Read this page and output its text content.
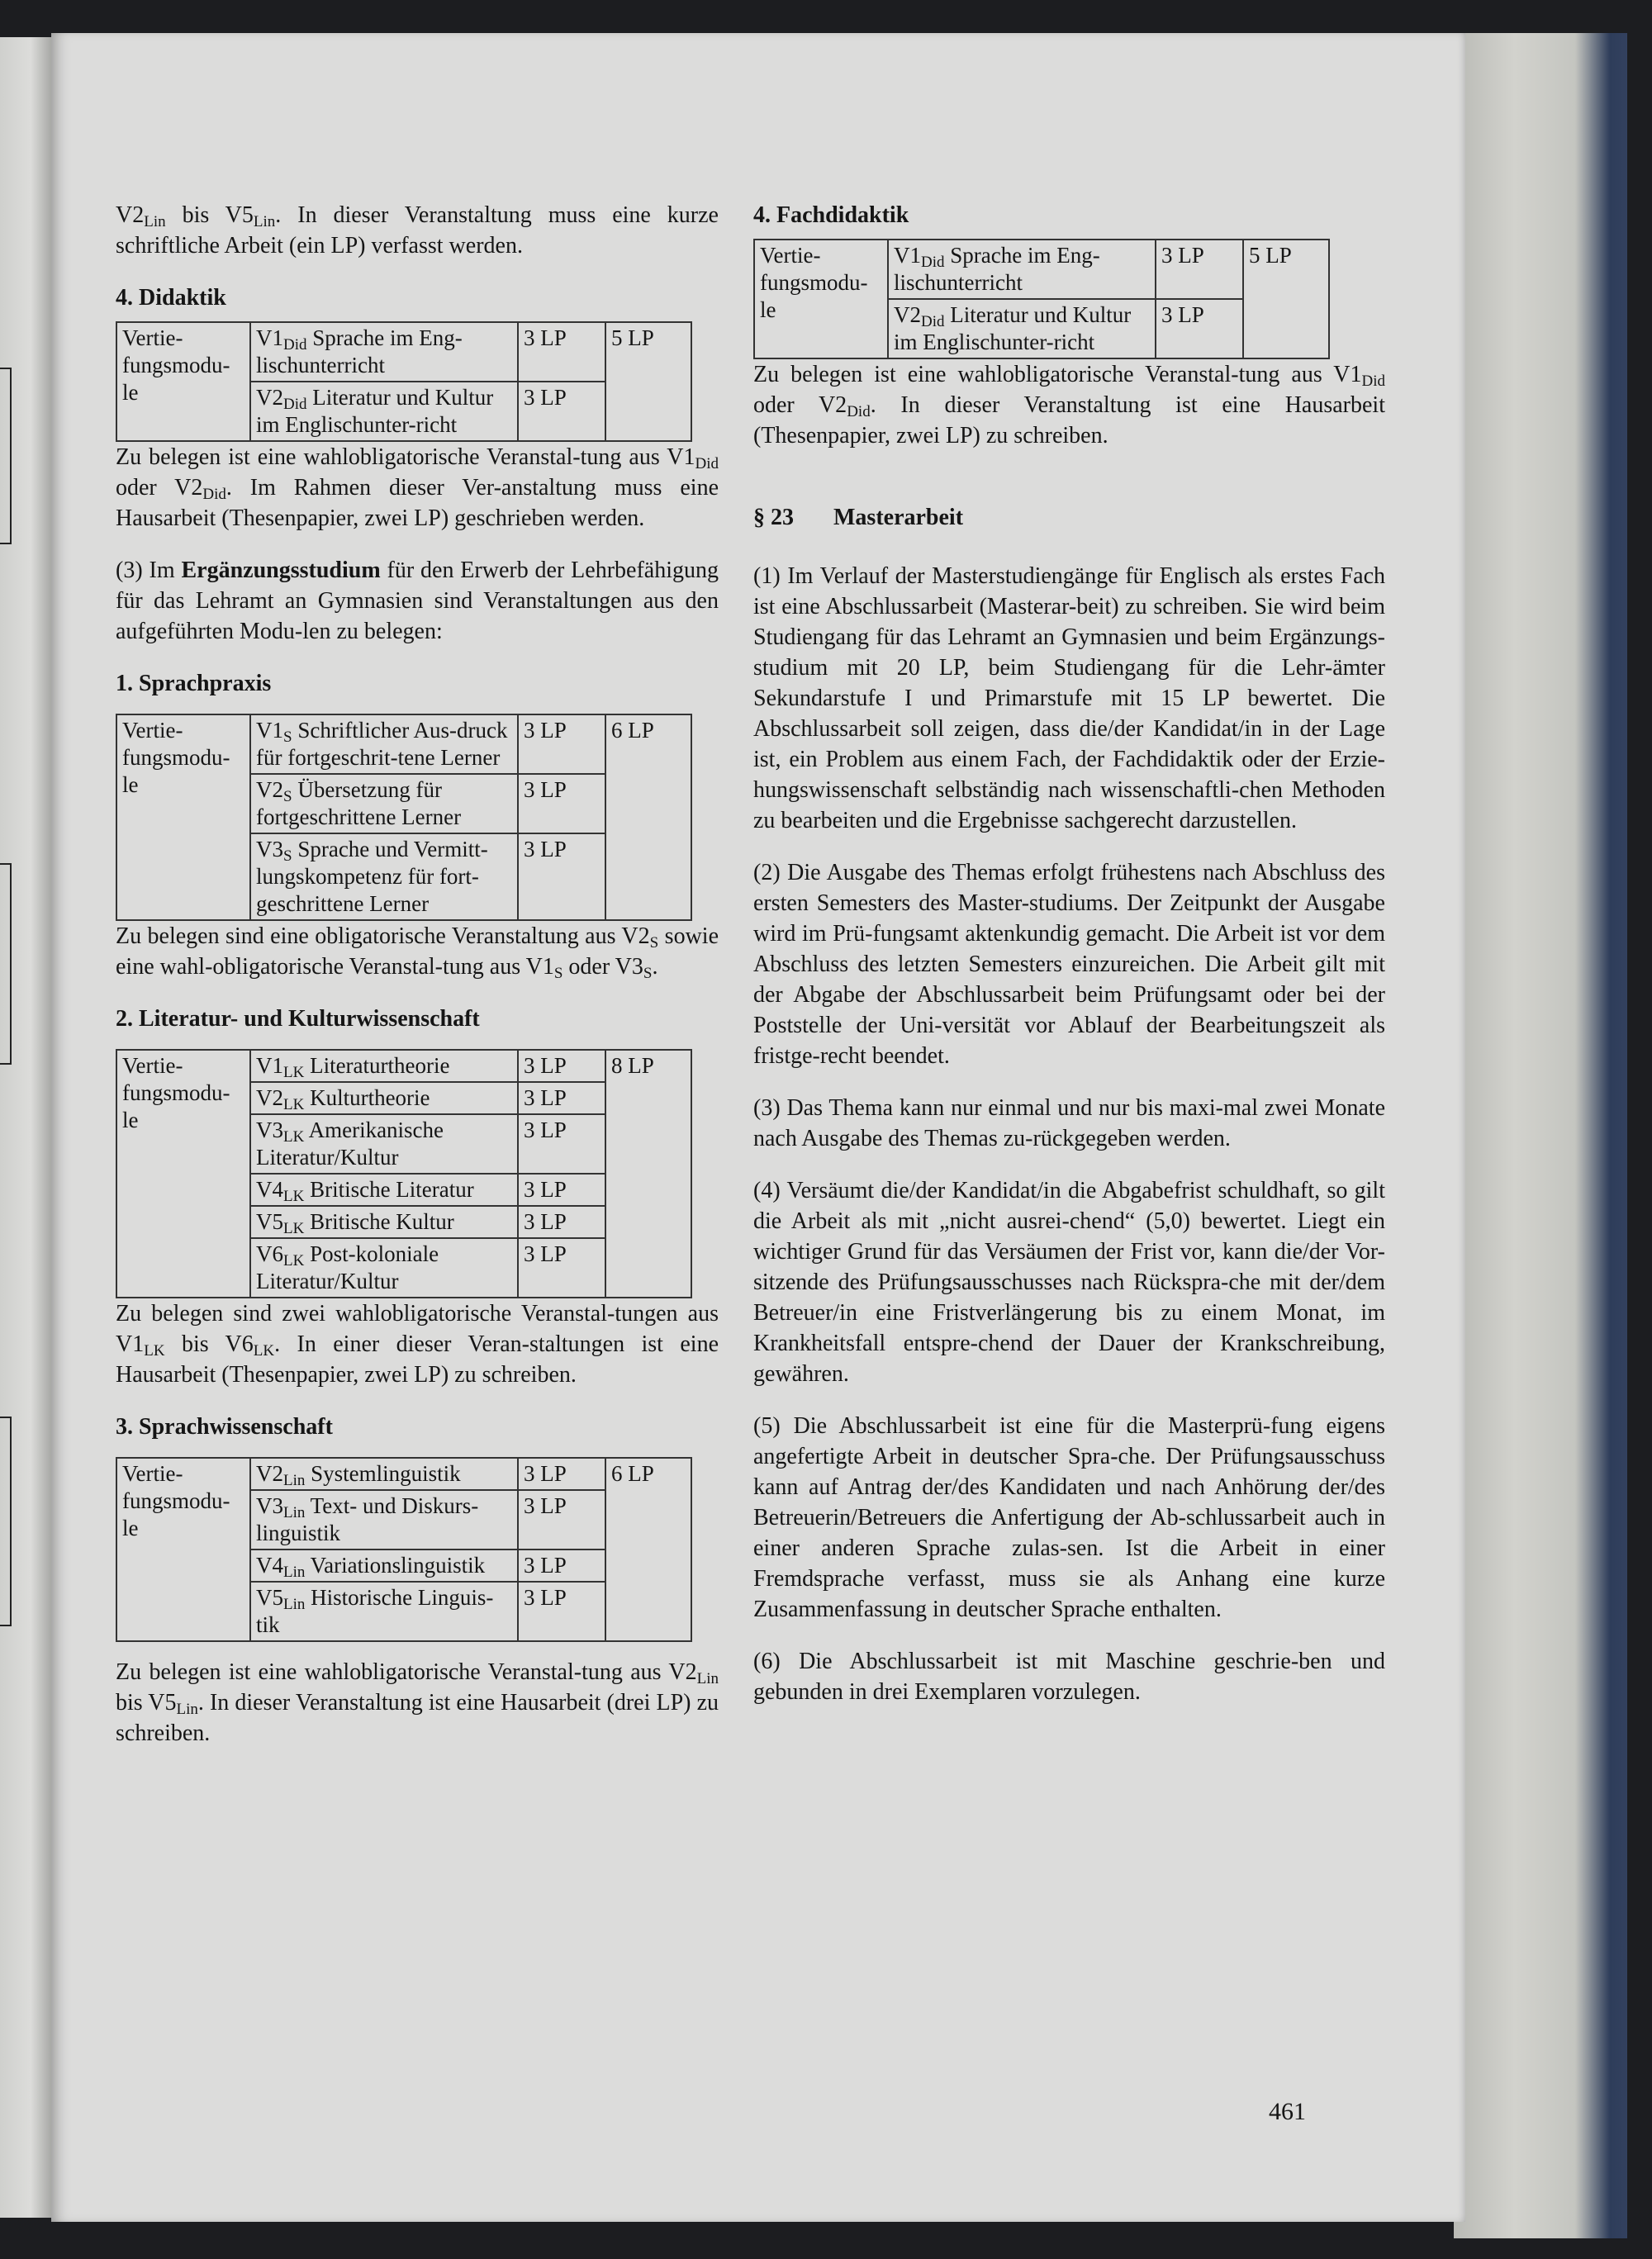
$V2_{Lin}$ bis $V5_{Lin}$. In dieser Veranstaltung muss eine kurze schriftliche Arbeit (ein LP) verfasst werden.

4. Didaktik
Vertie-fungsmodu-le	$V1_{Did}$ Sprache im Eng-lischunterricht	3 LP	5 LP
	$V2_{Did}$ Literatur und Kultur im Englischunter-richt	3 LP	

Zu belegen ist eine wahlobligatorische Veranstal-tung aus $V1_{Did}$ oder $V2_{Did}$. Im Rahmen dieser Ver-anstaltung muss eine Hausarbeit (Thesenpapier, zwei LP) geschrieben werden.

(3) Im Ergänzungsstudium für den Erwerb der Lehrbefähigung für das Lehramt an Gymnasien sind Veranstaltungen aus den aufgeführten Modu-len zu belegen:

1. Sprachpraxis
Vertie-fungsmodu-le	$V1_S$ Schriftlicher Aus-druck für fortgeschrit-tene Lerner	3 LP	6 LP
	$V2_S$ Übersetzung für fortgeschrittene Lerner	3 LP	
	$V3_S$ Sprache und Vermitt-lungskompetenz für fort-geschrittene Lerner	3 LP	

Zu belegen sind eine obligatorische Veranstaltung aus $V2_S$ sowie eine wahl-obligatorische Veranstal-tung aus $V1_S$ oder $V3_S$.

2. Literatur- und Kulturwissenschaft
Vertie-fungsmodu-le	$V1_{LK}$ Literaturtheorie	3 LP	8 LP
	$V2_{LK}$ Kulturtheorie	3 LP	
	$V3_{LK}$ Amerikanische Literatur/Kultur	3 LP	
	$V4_{LK}$ Britische Literatur	3 LP	
	$V5_{LK}$ Britische Kultur	3 LP	
	$V6_{LK}$ Post-koloniale Literatur/Kultur	3 LP	

Zu belegen sind zwei wahlobligatorische Veranstal-tungen aus $V1_{LK}$ bis $V6_{LK}$. In einer dieser Veran-staltungen ist eine Hausarbeit (Thesenpapier, zwei LP) zu schreiben.

3. Sprachwissenschaft
Vertie-fungsmodu-le	$V2_{Lin}$ Systemlinguistik	3 LP	6 LP
	$V3_{Lin}$ Text- und Diskurs-linguistik	3 LP	
	$V4_{Lin}$ Variationslinguistik	3 LP	
	$V5_{Lin}$ Historische Linguis-tik	3 LP	

Zu belegen ist eine wahlobligatorische Veranstal-tung aus $V2_{Lin}$ bis $V5_{Lin}$. In dieser Veranstaltung ist eine Hausarbeit (drei LP) zu schreiben.

4. Fachdidaktik
Vertie-fungsmodu-le	$V1_{Did}$ Sprache im Eng-lischunterricht	3 LP	5 LP
	$V2_{Did}$ Literatur und Kultur im Englischunter-richt	3 LP	

Zu belegen ist eine wahlobligatorische Veranstal-tung aus $V1_{Did}$ oder $V2_{Did}$. In dieser Veranstaltung ist eine Hausarbeit (Thesenpapier, zwei LP) zu schreiben.

§ 23 Masterarbeit

(1) Im Verlauf der Masterstudiengänge für Englisch als erstes Fach ist eine Abschlussarbeit (Masterar-beit) zu schreiben. Sie wird beim Studiengang für das Lehramt an Gymnasien und beim Ergänzungs-studium mit 20 LP, beim Studiengang für die Lehr-ämter Sekundarstufe I und Primarstufe mit 15 LP bewertet. Die Abschlussarbeit soll zeigen, dass die/der Kandidat/in in der Lage ist, ein Problem aus einem Fach, der Fachdidaktik oder der Erzie-hungswissenschaft selbständig nach wissenschaftli-chen Methoden zu bearbeiten und die Ergebnisse sachgerecht darzustellen.

(2) Die Ausgabe des Themas erfolgt frühestens nach Abschluss des ersten Semesters des Master-studiums. Der Zeitpunkt der Ausgabe wird im Prü-fungsamt aktenkundig gemacht. Die Arbeit ist vor dem Abschluss des letzten Semesters einzureichen. Die Arbeit gilt mit der Abgabe der Abschlussarbeit beim Prüfungsamt oder bei der Poststelle der Uni-versität vor Ablauf der Bearbeitungszeit als fristge-recht beendet.

(3) Das Thema kann nur einmal und nur bis maxi-mal zwei Monate nach Ausgabe des Themas zu-rückgegeben werden.

(4) Versäumt die/der Kandidat/in die Abgabefrist schuldhaft, so gilt die Arbeit als mit „nicht ausrei-chend“ (5,0) bewertet. Liegt ein wichtiger Grund für das Versäumen der Frist vor, kann die/der Vor-sitzende des Prüfungsausschusses nach Rückspra-che mit der/dem Betreuer/in eine Fristverlängerung bis zu einem Monat, im Krankheitsfall entspre-chend der Dauer der Krankschreibung, gewähren.

(5) Die Abschlussarbeit ist eine für die Masterprü-fung eigens angefertigte Arbeit in deutscher Spra-che. Der Prüfungsausschuss kann auf Antrag der/des Kandidaten und nach Anhörung der/des Betreuerin/Betreuers die Anfertigung der Ab-schlussarbeit auch in einer anderen Sprache zulas-sen. Ist die Arbeit in einer Fremdsprache verfasst, muss sie als Anhang eine kurze Zusammenfassung in deutscher Sprache enthalten.

(6) Die Abschlussarbeit ist mit Maschine geschrie-ben und gebunden in drei Exemplaren vorzulegen.

461
